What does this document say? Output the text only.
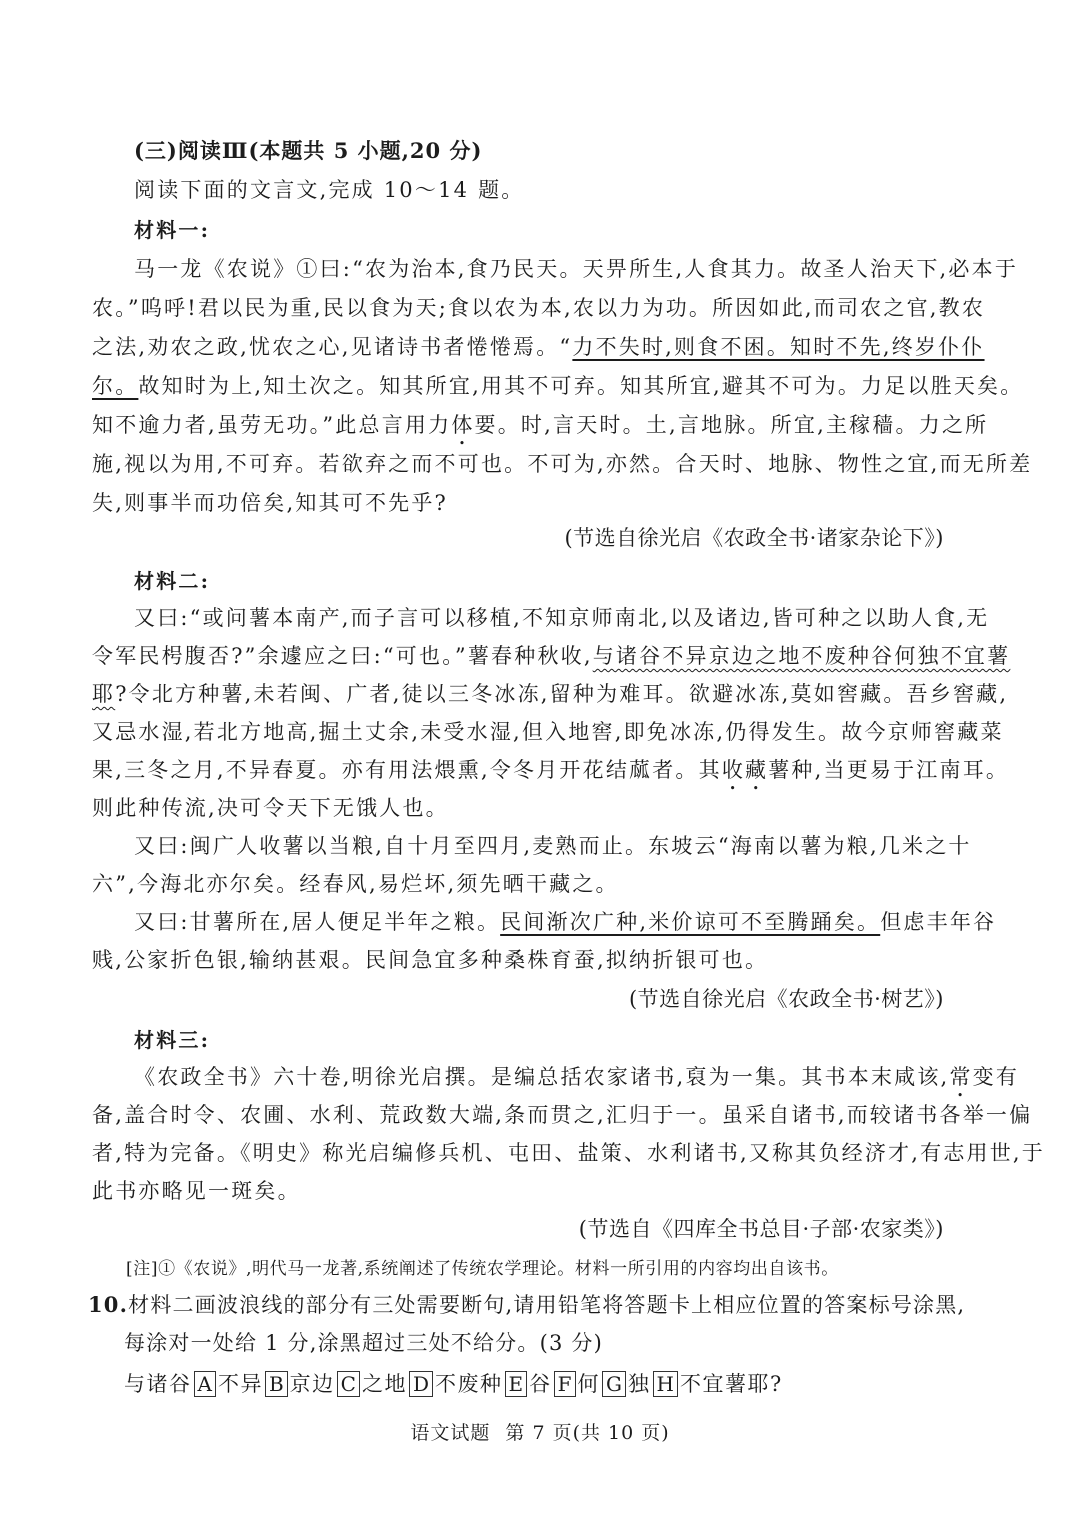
(三)阅读Ⅲ(本题共 5 小题,20 分)
阅读下面的文言文,完成 10～14 题。
材料一:
马一龙《农说》①曰:“农为治本,食乃民天。天畀所生,人食其力。故圣人治天下,必本于
农。”呜呼!君以民为重,民以食为天;食以农为本,农以力为功。所因如此,而司农之官,教农
之法,劝农之政,忧农之心,见诸诗书者惓惓焉。“力不失时,则食不困。知时不先,终岁仆仆
尔。故知时为上,知土次之。知其所宜,用其不可弃。知其所宜,避其不可为。力足以胜天矣。
知不逾力者,虽劳无功。”此总言用力体要。时,言天时。土,言地脉。所宜,主稼穑。力之所
施,视以为用,不可弃。若欲弃之而不可也。不可为,亦然。合天时、地脉、物性之宜,而无所差
失,则事半而功倍矣,知其可不先乎?
(节选自徐光启《农政全书·诸家杂论下》)
材料二:
又曰:“或问薯本南产,而子言可以移植,不知京师南北,以及诸边,皆可种之以助人食,无
令军民枵腹否?”余遽应之曰:“可也。”薯春种秋收,与诸谷不异京边之地不废种谷何独不宜薯
耶?令北方种薯,未若闽、广者,徒以三冬冰冻,留种为难耳。欲避冰冻,莫如窖藏。吾乡窖藏,
又忌水湿,若北方地高,掘土丈余,未受水湿,但入地窖,即免冰冻,仍得发生。故今京师窖藏菜
果,三冬之月,不异春夏。亦有用法煨熏,令冬月开花结蓏者。其收藏薯种,当更易于江南耳。
则此种传流,决可令天下无饿人也。
又曰:闽广人收薯以当粮,自十月至四月,麦熟而止。东坡云“海南以薯为粮,几米之十
六”,今海北亦尔矣。经春风,易烂坏,须先晒干藏之。
又曰:甘薯所在,居人便足半年之粮。民间渐次广种,米价谅可不至腾踊矣。但虑丰年谷
贱,公家折色银,输纳甚艰。民间急宜多种桑株育蚕,拟纳折银可也。
(节选自徐光启《农政全书·树艺》)
材料三:
《农政全书》六十卷,明徐光启撰。是编总括农家诸书,裒为一集。其书本末咸该,常变有
备,盖合时令、农圃、水利、荒政数大端,条而贯之,汇归于一。虽采自诸书,而较诸书各举一偏
者,特为完备。《明史》称光启编修兵机、屯田、盐策、水利诸书,又称其负经济才,有志用世,于
此书亦略见一斑矣。
(节选自《四库全书总目·子部·农家类》)
[注]①《农说》,明代马一龙著,系统阐述了传统农学理论。材料一所引用的内容均出自该书。
10.材料二画波浪线的部分有三处需要断句,请用铅笔将答题卡上相应位置的答案标号涂黑,
每涂对一处给 1 分,涂黑超过三处不给分。(3 分)
与诸谷 A 不异 B 京边 C 之地 D 不废种 E 谷 F 何 G 独 H 不宜薯耶?
语文试题 第 7 页(共 10 页)
